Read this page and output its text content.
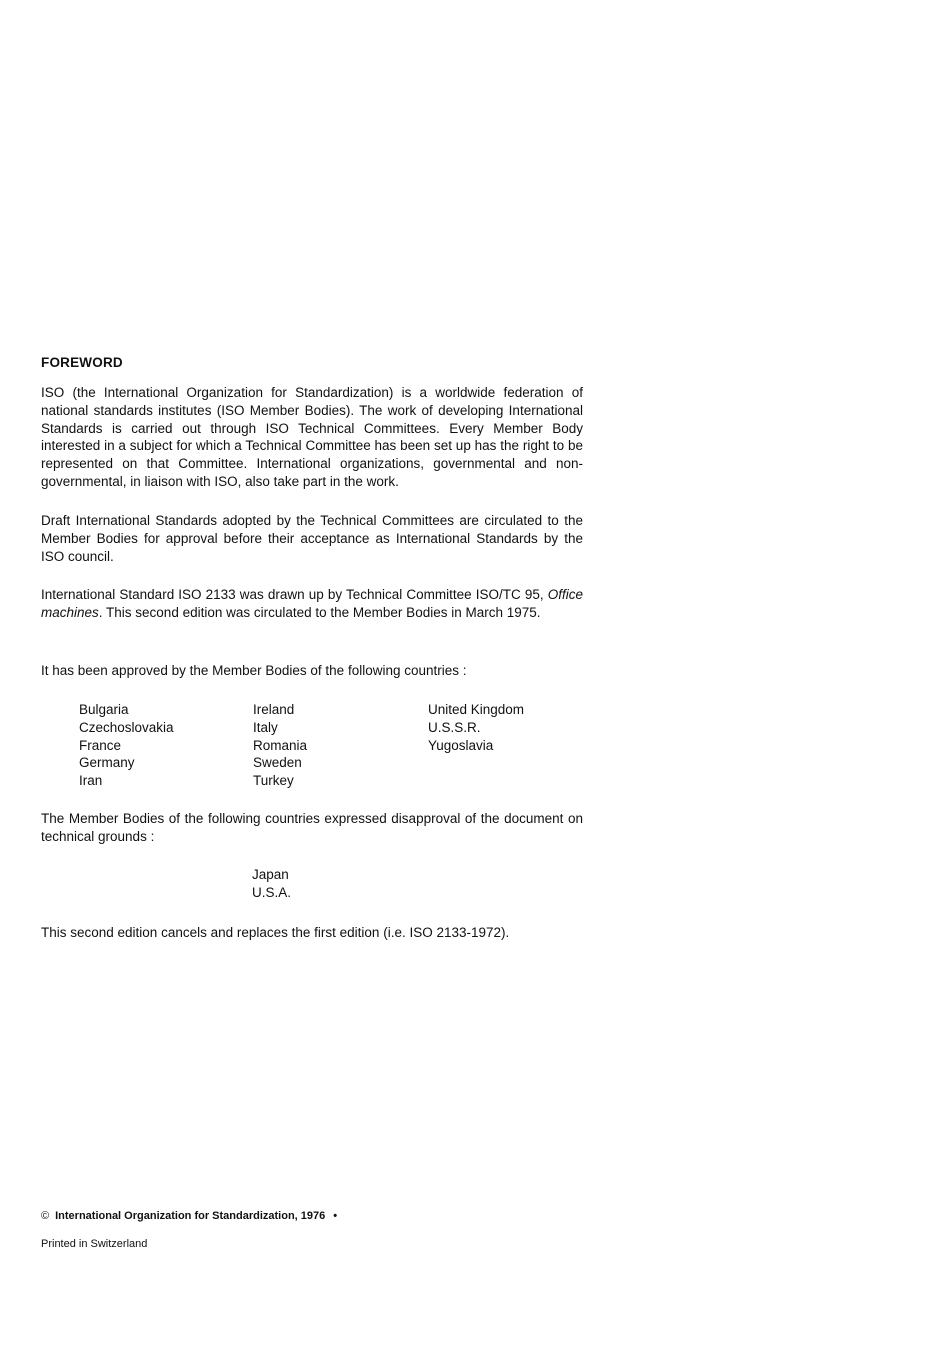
FOREWORD
ISO (the International Organization for Standardization) is a worldwide federation of national standards institutes (ISO Member Bodies). The work of developing International Standards is carried out through ISO Technical Committees. Every Member Body interested in a subject for which a Technical Committee has been set up has the right to be represented on that Committee. International organizations, governmental and non-governmental, in liaison with ISO, also take part in the work.
Draft International Standards adopted by the Technical Committees are circulated to the Member Bodies for approval before their acceptance as International Standards by the ISO council.
International Standard ISO 2133 was drawn up by Technical Committee ISO/TC 95, Office machines. This second edition was circulated to the Member Bodies in March 1975.
It has been approved by the Member Bodies of the following countries :
Bulgaria
Czechoslovakia
France
Germany
Iran
Ireland
Italy
Romania
Sweden
Turkey
United Kingdom
U.S.S.R.
Yugoslavia
The Member Bodies of the following countries expressed disapproval of the document on technical grounds :
Japan
U.S.A.
This second edition cancels and replaces the first edition (i.e. ISO 2133-1972).
© International Organization for Standardization, 1976 •
Printed in Switzerland
